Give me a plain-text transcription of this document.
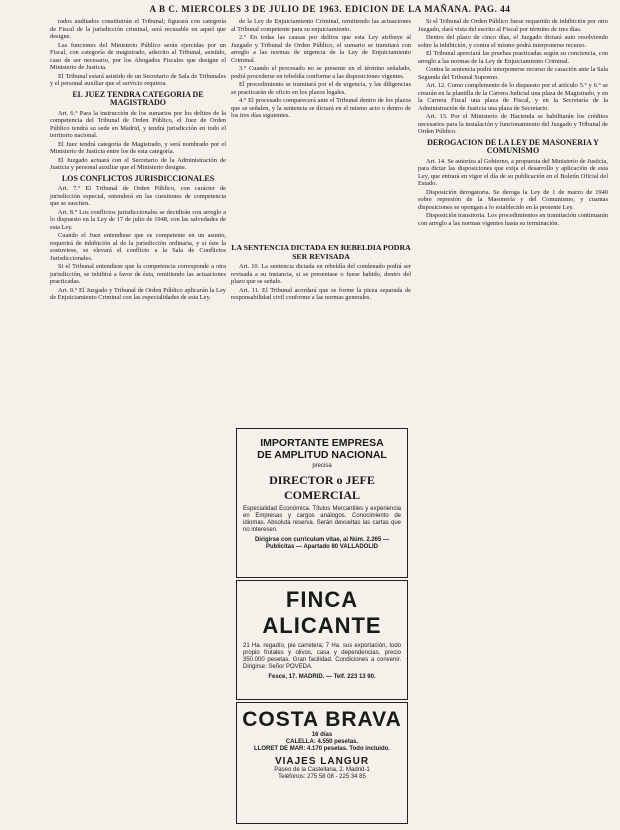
A B C. MIERCOLES 3 DE JULIO DE 1963. EDICION DE LA MAÑANA. PAG. 44

rados auditados constituirán el Tribunal; figurará con categoría de Fiscal de la jurisdicción criminal, será recusable en aquel que designe.

Las funciones del Ministerio Público serán ejercidas por un Fiscal, con categoría de magistrado, adscrito al Tribunal, asistido, caso de ser necesario, por los Abogados Fiscales que designe el Ministerio de Justicia.

El Tribunal estará asistido de un Secretario de Sala de Tribunales y el personal auxiliar que el servicio requiera.

EL JUEZ TENDRA CATEGORIA DE MAGISTRADO

Art. 6.° Para la instrucción de los sumarios por los delitos de la competencia del Tribunal de Orden Público, el Juez de Orden Público tendrá su sede en Madrid, y tendrá jurisdicción en todo el territorio nacional.

El Juez tendrá categoría de Magistrado, y será nombrado por el Ministerio de Justicia entre los de esta categoría.

El Juzgado actuará con el Secretario de la Administración de Justicia y personal auxiliar que el Ministerio designe.

LOS CONFLICTOS JURISDICCIONALES

Art. 7.° El Tribunal de Orden Público, con carácter de jurisdicción especial, entenderá en las cuestiones de competencia que se susciten.

Art. 8.° Los conflictos jurisdiccionales se decidirán con arreglo a lo dispuesto en la Ley de 17 de julio de 1948, con las salvedades de esta Ley.

Cuando el Juez entendiese que es competente en un asunto, requerirá de inhibición al de la jurisdicción ordinaria, y si éste la sostuviese, se elevará el conflicto a la Sala de Conflictos Jurisdiccionales.

Si el Tribunal entendiese que la competencia corresponde a otra jurisdicción, se inhibirá a favor de ésta, remitiendo las actuaciones practicadas.

Art. 9.° El Juzgado y Tribunal de Orden Público aplicarán la Ley de Enjuiciamiento Criminal con las especialidades de esta Ley.

de la Ley de Enjuiciamiento Criminal, remitiendo las actuaciones al Tribunal competente para su enjuiciamiento.

2.° En todas las causas por delitos que esta Ley atribuye al Juzgado y Tribunal de Orden Público, el sumario se tramitará con arreglo a las normas de urgencia de la Ley de Enjuiciamiento Criminal.

3.° Cuando el procesado no se presente en el término señalado, podrá procederse en rebeldía conforme a las disposiciones vigentes.

El procedimiento se tramitará por el de urgencia, y las diligencias se practicarán de oficio en los plazos legales.

4.° El procesado comparecerá ante el Tribunal dentro de los plazos que se señalen, y la sentencia se dictará en el mismo acto o dentro de los tres días siguientes.

LA SENTENCIA DICTADA EN REBELDIA PODRA SER REVISADA

Art. 10. La sentencia dictada en rebeldía del condenado podrá ser revisada a su instancia, si se presentase o fuese habido, dentro del plazo que se señale.

Art. 11. El Tribunal acordará que se forme la pieza separada de responsabilidad civil conforme a las normas generales.

IMPORTANTE EMPRESA
DE AMPLITUD NACIONAL
precisa
DIRECTOR o JEFE COMERCIAL
Especialidad Económica. Títulos Mercantiles y experiencia en Empresas y cargos análogos. Conocimiento de idiomas. Absoluta reserva. Serán devueltas las cartas que no interesen.
Dirigirse con curriculum vitae, al Núm. 2.265 — Publicitas — Apartado 80 VALLADOLID
FINCA ALICANTE
21 Ha. regadío, pie carretera; 7 Ha. sus exportación, todo propio frutales y olivos, casa y dependencias, precio 350.000 pesetas. Gran facilidad. Condiciones a convenir. Dirigirse: Señor POVEDA.
Fesce, 17. MADRID. — Telf. 223 13 90.
COSTA BRAVA
16 días
CALELLA: 4.550 pesetas.
LLORET DE MAR: 4.170 pesetas. Todo incluido.
VIAJES LANGUR
Paseo de la Castellana, 2. Madrid-1
Teléfonos: 275 58 08 - 225 34 85

Si el Tribunal de Orden Público fuese requerido de inhibición por otro Juzgado, dará vista del escrito al Fiscal por término de tres días.

Dentro del plazo de cinco días, el Juzgado dictará auto resolviendo sobre la inhibición, y contra el mismo podrá interponerse recurso.

El Tribunal apreciará las pruebas practicadas según su conciencia, con arreglo a las normas de la Ley de Enjuiciamiento Criminal.

Contra la sentencia podrá interponerse recurso de casación ante la Sala Segunda del Tribunal Supremo.

Art. 12. Como complemento de lo dispuesto por el artículo 5.° y 6.° se crearán en la plantilla de la Carrera Judicial una plaza de Magistrado, y en la Carrera Fiscal una plaza de Fiscal, y en la Secretaría de la Administración de Justicia una plaza de Secretario.

Art. 13. Por el Ministerio de Hacienda se habilitarán los créditos necesarios para la instalación y funcionamiento del Juzgado y Tribunal de Orden Público.

DEROGACION DE LA LEY DE MASONERIA Y COMUNISMO

Art. 14. Se autoriza al Gobierno, a propuesta del Ministerio de Justicia, para dictar las disposiciones que exija el desarrollo y aplicación de esta Ley, que entrará en vigor el día de su publicación en el Boletín Oficial del Estado.

Disposición derogatoria. Se deroga la Ley de 1 de marzo de 1940 sobre represión de la Masonería y del Comunismo, y cuantas disposiciones se opongan a lo establecido en la presente Ley.

Disposición transitoria. Los procedimientos en tramitación continuarán con arreglo a las normas vigentes hasta su terminación.
